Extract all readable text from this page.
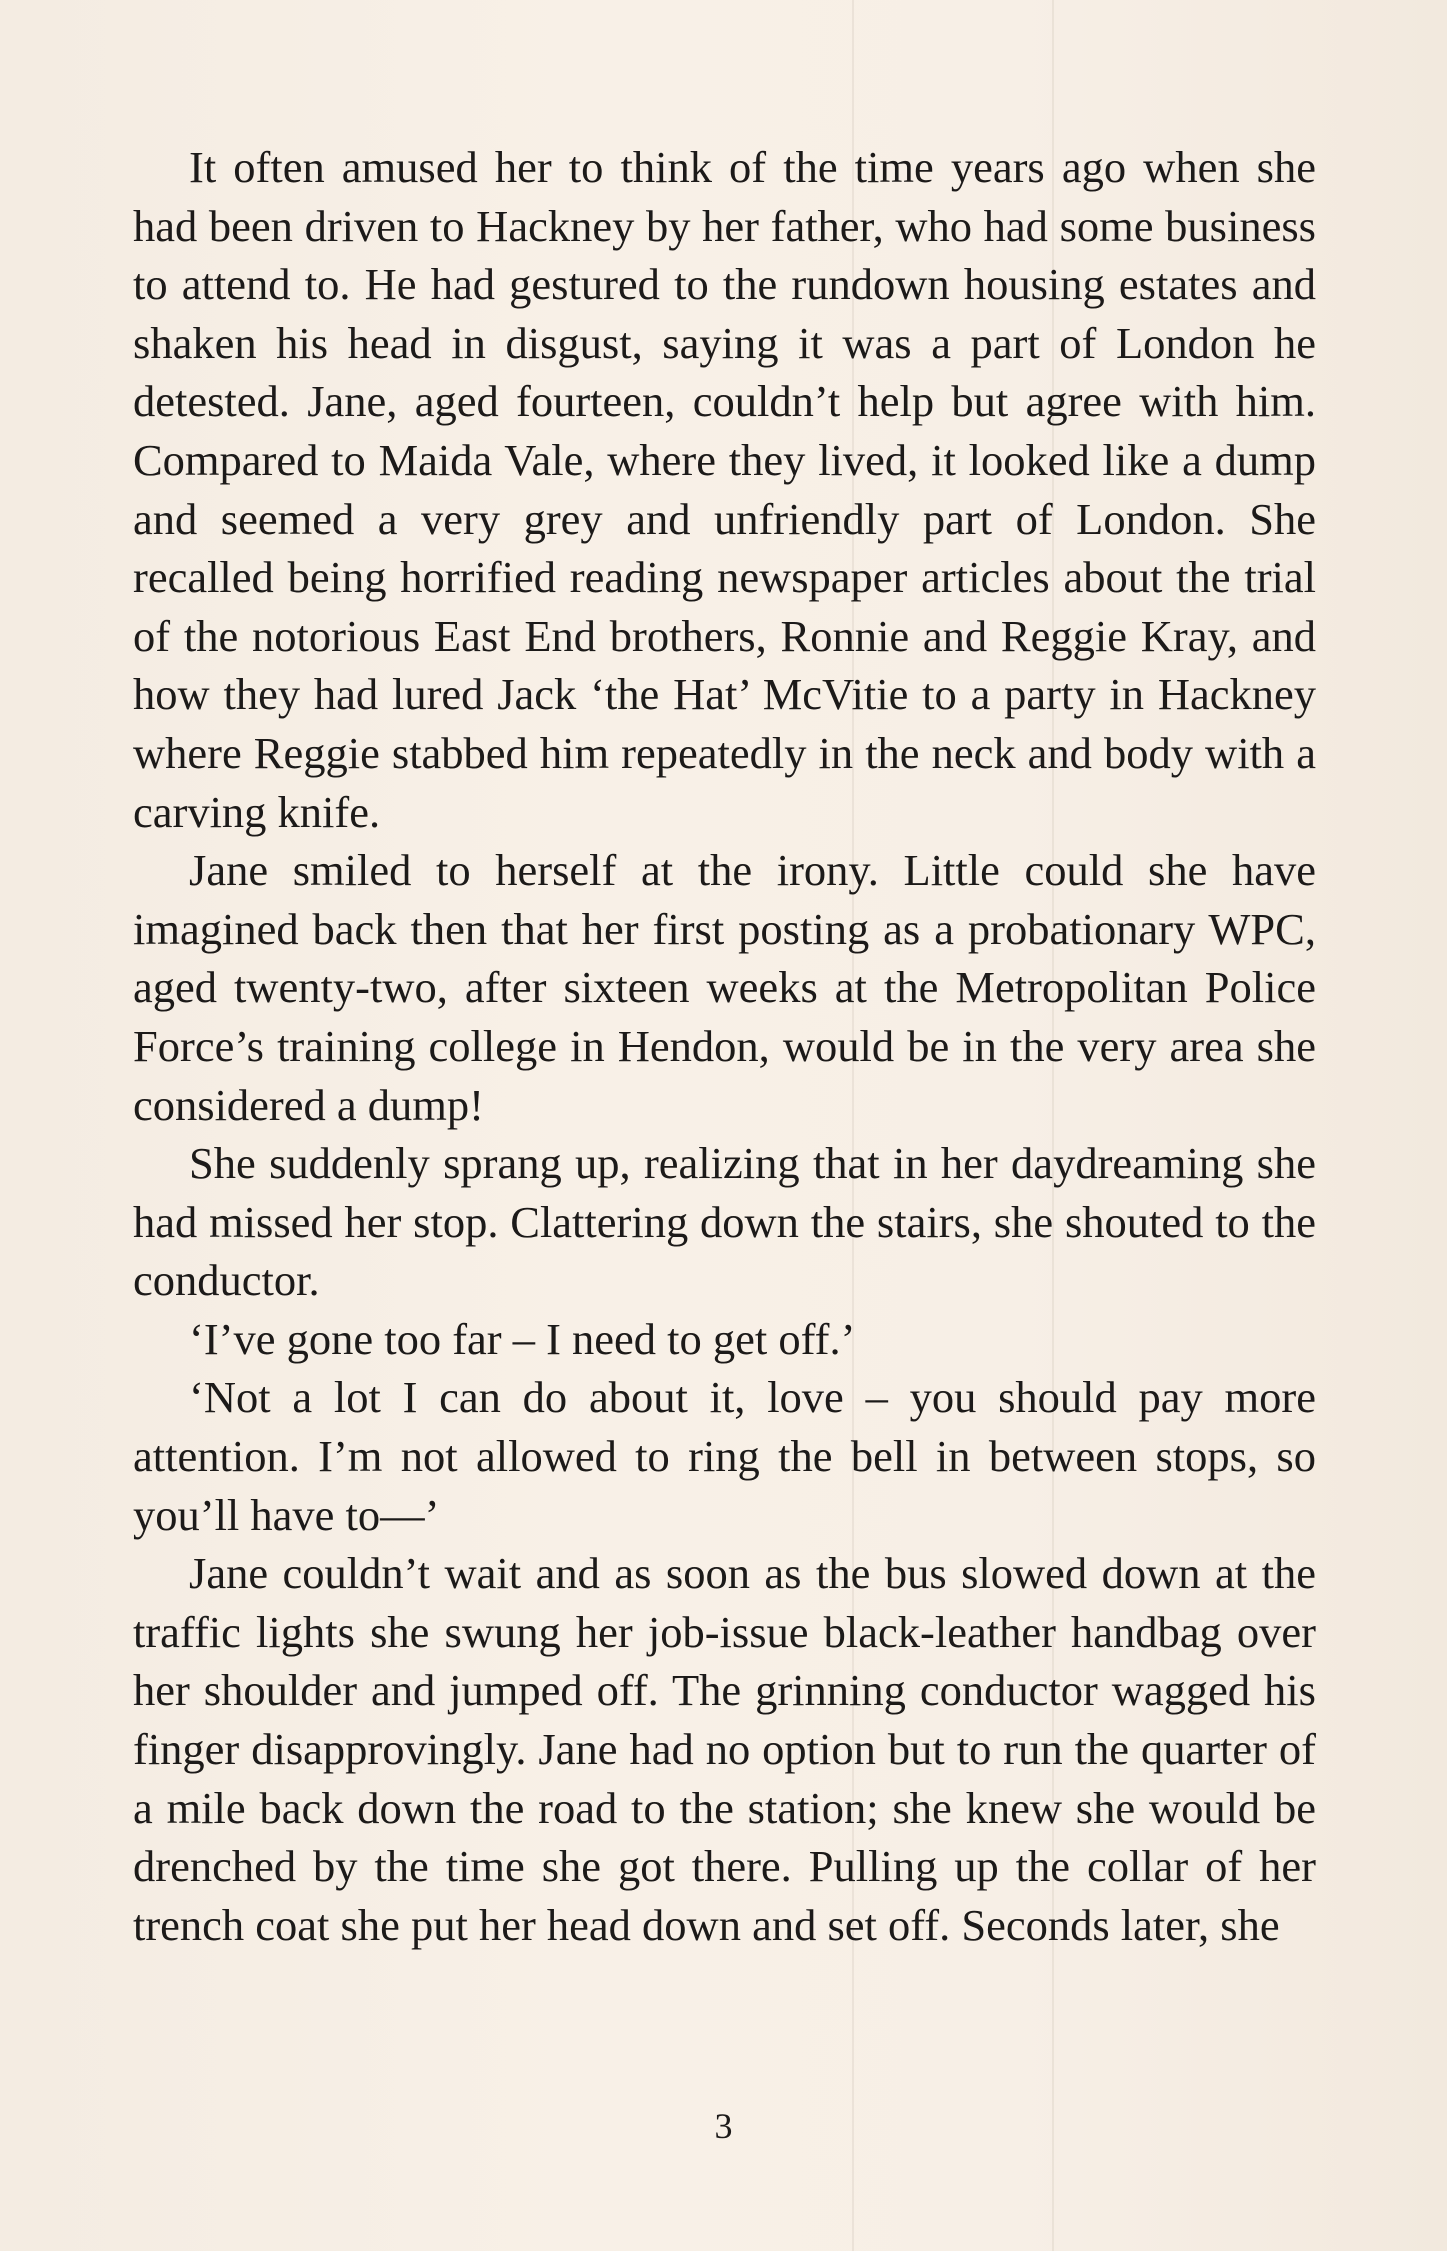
It often amused her to think of the time years ago when she had been driven to Hackney by her father, who had some business to attend to. He had gestured to the rundown housing estates and shaken his head in disgust, saying it was a part of London he detested. Jane, aged fourteen, couldn’t help but agree with him. Compared to Maida Vale, where they lived, it looked like a dump and seemed a very grey and unfriendly part of London. She recalled being horrified reading newspaper articles about the trial of the notorious East End brothers, Ronnie and Reggie Kray, and how they had lured Jack ‘the Hat’ McVitie to a party in Hackney where Reggie stabbed him repeatedly in the neck and body with a carving knife.

Jane smiled to herself at the irony. Little could she have imagined back then that her first posting as a probationary WPC, aged twenty-two, after sixteen weeks at the Metropolitan Police Force’s training college in Hendon, would be in the very area she considered a dump!

She suddenly sprang up, realizing that in her daydreaming she had missed her stop. Clattering down the stairs, she shouted to the conductor.

‘I’ve gone too far – I need to get off.’

‘Not a lot I can do about it, love – you should pay more attention. I’m not allowed to ring the bell in between stops, so you’ll have to—’

Jane couldn’t wait and as soon as the bus slowed down at the traffic lights she swung her job-issue black-leather handbag over her shoulder and jumped off. The grinning conductor wagged his finger disapprovingly. Jane had no option but to run the quarter of a mile back down the road to the station; she knew she would be drenched by the time she got there. Pulling up the collar of her trench coat she put her head down and set off. Seconds later, she

3
